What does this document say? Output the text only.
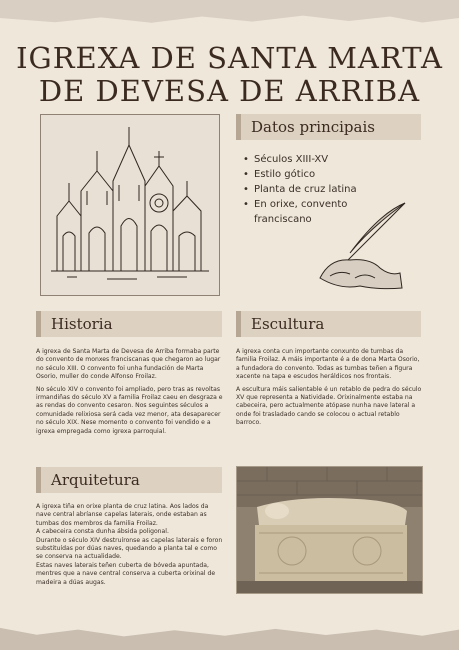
IGREXA DE SANTA MARTA
DE DEVESA DE ARRIBA
Datos principais
• Séculos XIII-XV
• Estilo gótico
• Planta de cruz latina
• En orixe, convento franciscano
Historia

A igrexa de Santa Marta de Devesa de Arriba formaba parte do convento de monxes franciscanas que chegaron ao lugar no século XIII. O convento foi unha fundación de Marta Osorio, muller do conde Alfonso Froilaz.

No século XIV o convento foi ampliado, pero tras as revoltas irmandiñas do século XV a familia Froilaz caeu en desgraza e as rendas do convento cesaron. Nos seguintes séculos a comunidade relixiosa será cada vez menor, ata desaparecer no século XIX. Nese momento o convento foi vendido e a igrexa empregada como igrexa parroquial.

Escultura

A igrexa conta cun importante conxunto de tumbas da familia Froilaz. A máis importante é a de dona Marta Osorio, a fundadora do convento. Todas as tumbas teñen a figura xacente na tapa e escudos heráldicos nos frontais.

A escultura máis salientable é un retablo de pedra do século XV que representa a Natividade. Orixinalmente estaba na cabeceira, pero actualmente atópase nunha nave lateral a onde foi trasladado cando se colocou o actual retablo barroco.

Arquitetura
A igrexa tiña en orixe planta de cruz latina. Aos lados da nave central abríanse capelas laterais, onde estaban as tumbas dos membros da familia Froilaz.
A cabeceira consta dunha ábsida poligonal.
Durante o século XIV destruíronse as capelas laterais e foron substituídas por dúas naves, quedando a planta tal e como se conserva na actualidade.
Estas naves laterais teñen cuberta de bóveda apuntada, mentres que a nave central conserva a cuberta orixinal de madeira a dúas augas.
